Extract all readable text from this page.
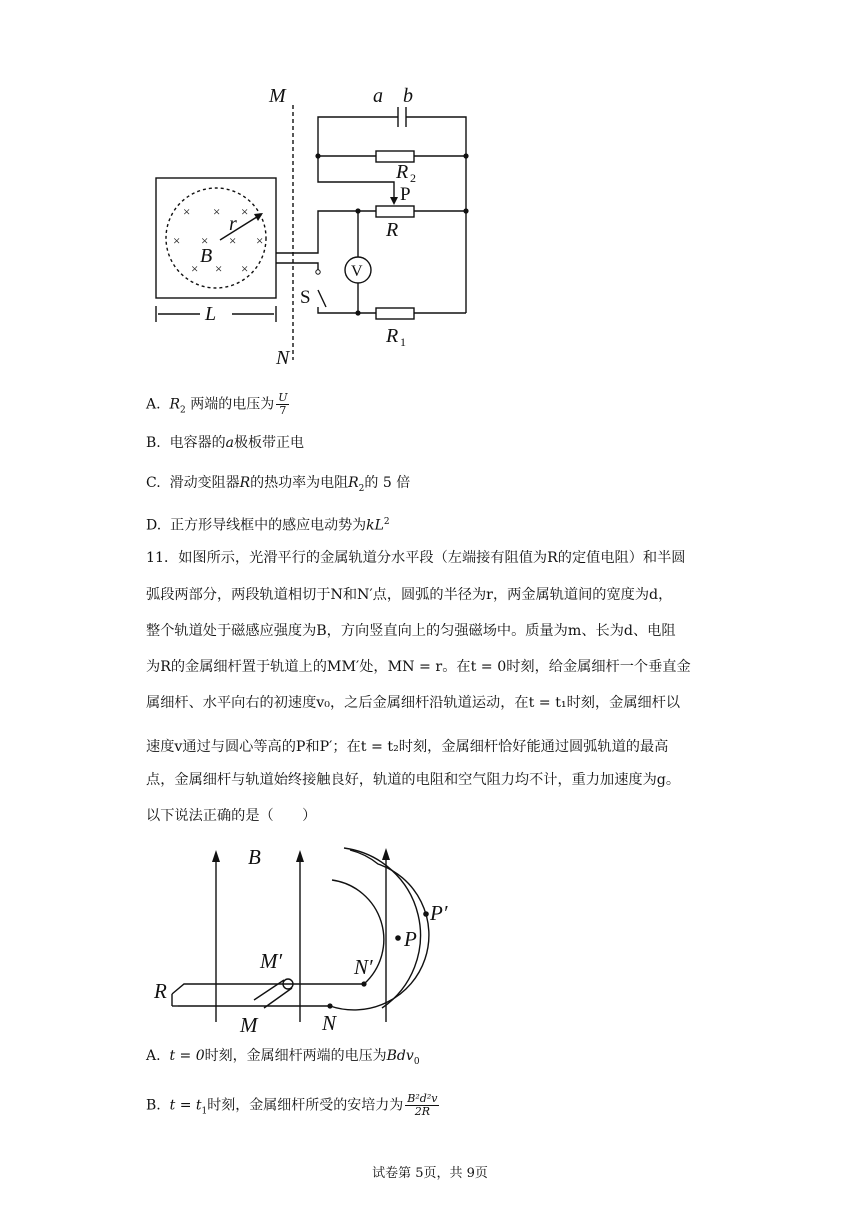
× × ×
× × × ×
× × ×
M
N
a b
R
R
R
r
B
L
2
1
P
S
V
A. $R_2$ 两端的电压为 $\frac{U}{7}$
B. 电容器的a极板带正电
C. 滑动变阻器R的热功率为电阻$R_2$的 5 倍
D. 正方形导线框中的感应电动势为$kL^2$
11．如图所示，光滑平行的金属轨道分水平段（左端接有阻值为R的定值电阻）和半圆
弧段两部分，两段轨道相切于N和N′点，圆弧的半径为r，两金属轨道间的宽度为d，
整个轨道处于磁感应强度为B，方向竖直向上的匀强磁场中。质量为m、长为d、电阻
为R的金属细杆置于轨道上的MM′处，MN = r。在t = 0时刻，给金属细杆一个垂直金
属细杆、水平向右的初速度v₀，之后金属细杆沿轨道运动，在t = t₁时刻，金属细杆以
速度v通过与圆心等高的P和P′；在t = t₂时刻，金属细杆恰好能通过圆弧轨道的最高
点，金属细杆与轨道始终接触良好，轨道的电阻和空气阻力均不计，重力加速度为g。
以下说法正确的是（　　）
B
R
M
M′
N
N′
P
P′
A. t = 0时刻，金属细杆两端的电压为Bdv$_0$
B. $t = t_1$时刻，金属细杆所受的安培力为 $\frac{\text{B²d²v}}{2R}$
试卷第 5页，共 9页
